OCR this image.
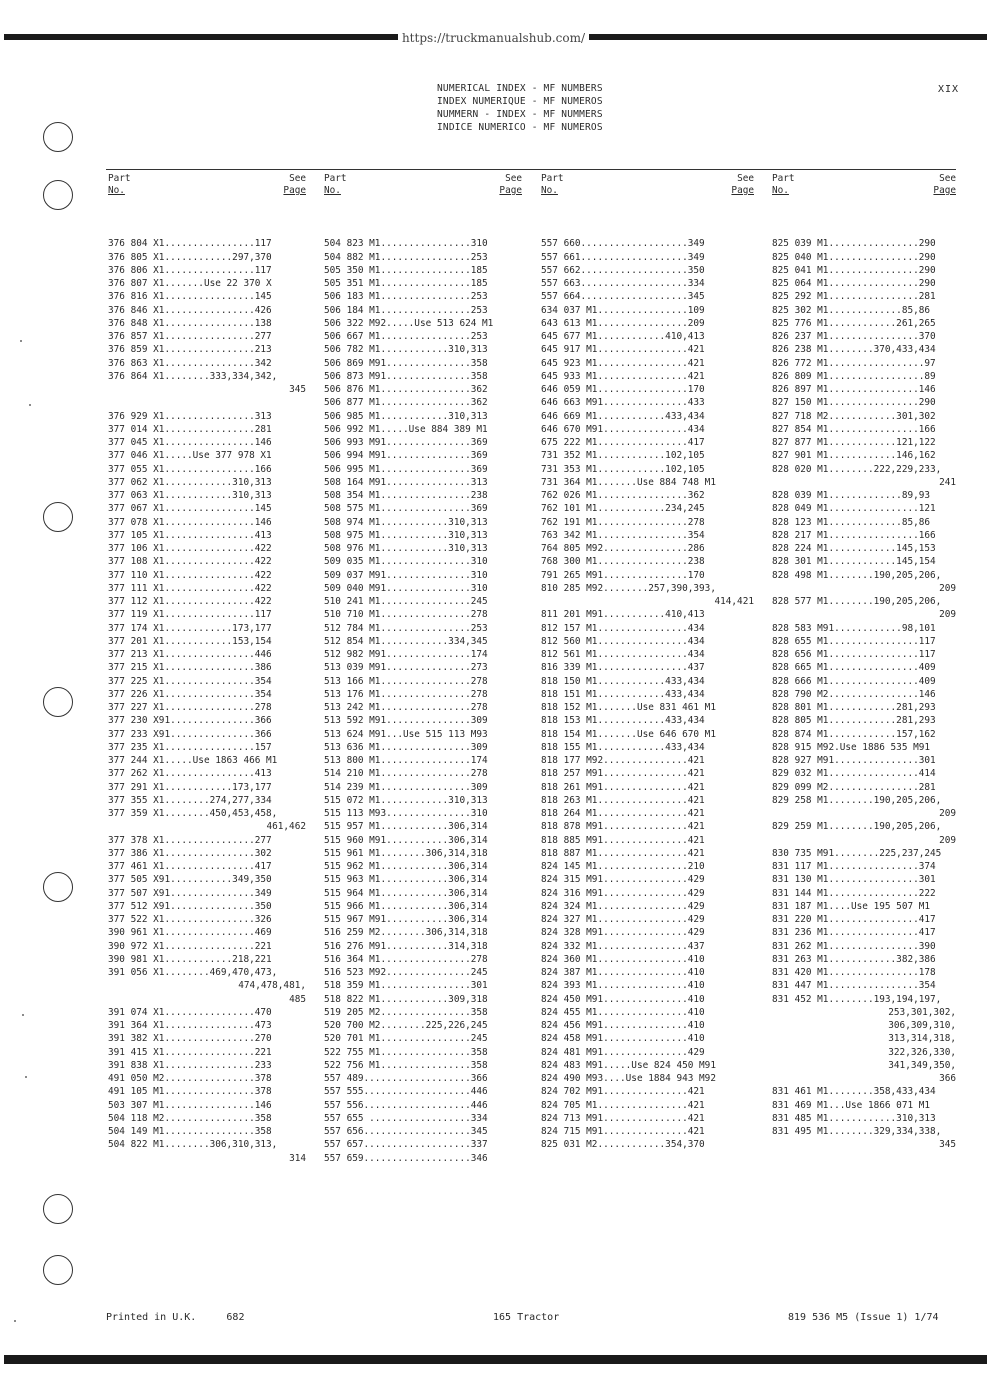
https://truckmanualshub.com/
NUMERICAL INDEX - MF NUMBERS
INDEX NUMERIQUE - MF NUMEROS
NUMMERN - INDEX - MF NUMMERS
INDICE NUMERICO - MF NUMEROS
XIX
Part
No.
See
Page
376 804 X1................117
376 805 X1............297,370
376 806 X1................117
376 807 X1.......Use 22 370 X
376 816 X1................145
376 846 X1................426
376 848 X1................138
376 857 X1................277
376 859 X1................213
376 863 X1................342
376 864 X1........333,334,342,
345
376 929 X1................313
377 014 X1................281
377 045 X1................146
377 046 X1.....Use 377 978 X1
377 055 X1................166
377 062 X1............310,313
377 063 X1............310,313
377 067 X1................145
377 078 X1................146
377 105 X1................413
377 106 X1................422
377 108 X1................422
377 110 X1................422
377 111 X1................422
377 112 X1................422
377 119 X1................117
377 174 X1............173,177
377 201 X1............153,154
377 213 X1................446
377 215 X1................386
377 225 X1................354
377 226 X1................354
377 227 X1................278
377 230 X91...............366
377 233 X91...............366
377 235 X1................157
377 244 X1.....Use 1863 466 M1
377 262 X1................413
377 291 X1............173,177
377 355 X1........274,277,334
377 359 X1........450,453,458,
461,462
377 378 X1................277
377 386 X1................302
377 461 X1................417
377 505 X91...........349,350
377 507 X91...............349
377 512 X91...............350
377 522 X1................326
390 961 X1................469
390 972 X1................221
390 981 X1............218,221
391 056 X1........469,470,473,
474,478,481,
485
391 074 X1................470
391 364 X1................473
391 382 X1................270
391 415 X1................221
391 838 X1................233
491 050 M2................378
491 105 M1................378
503 307 M1................146
504 118 M2................358
504 149 M1................358
504 822 M1........306,310,313,
314
Part
No.
See
Page
504 823 M1................310
504 882 M1................253
505 350 M1................185
505 351 M1................185
506 183 M1................253
506 184 M1................253
506 322 M92.....Use 513 624 M1
506 667 M1................253
506 782 M1............310,313
506 869 M91...............358
506 873 M91...............358
506 876 M1................362
506 877 M1................362
506 985 M1............310,313
506 992 M1.....Use 884 389 M1
506 993 M91...............369
506 994 M91...............369
506 995 M1................369
508 164 M91...............313
508 354 M1................238
508 575 M1................369
508 974 M1............310,313
508 975 M1............310,313
508 976 M1............310,313
509 035 M1................310
509 037 M91...............310
509 040 M91...............310
510 241 M1................245
510 710 M1................278
512 784 M1................253
512 854 M1............334,345
512 982 M91...............174
513 039 M91...............273
513 166 M1................278
513 176 M1................278
513 242 M1................278
513 592 M91...............309
513 624 M91...Use 515 113 M93
513 636 M1................309
513 800 M1................174
514 210 M1................278
514 239 M1................309
515 072 M1............310,313
515 113 M93...............310
515 957 M1............306,314
515 960 M91...........306,314
515 961 M1........306,314,318
515 962 M1............306,314
515 963 M1............306,314
515 964 M1............306,314
515 966 M1............306,314
515 967 M91...........306,314
516 259 M2........306,314,318
516 276 M91...........314,318
516 364 M1................278
516 523 M92...............245
518 359 M1................301
518 822 M1............309,318
519 205 M2................358
520 700 M2........225,226,245
520 701 M1................245
522 755 M1................358
522 756 M1................358
557 489...................366
557 555...................446
557 556...................446
557 655 ..................334
557 656...................345
557 657...................337
557 659...................346
Part
No.
See
Page
557 660...................349
557 661...................349
557 662...................350
557 663...................334
557 664...................345
634 037 M1................109
643 613 M1................209
645 677 M1............410,413
645 917 M1................421
645 923 M1................421
645 933 M1................421
646 059 M1................170
646 663 M91...............433
646 669 M1............433,434
646 670 M91...............434
675 222 M1................417
731 352 M1............102,105
731 353 M1............102,105
731 364 M1.......Use 884 748 M1
762 026 M1................362
762 101 M1............234,245
762 191 M1................278
763 342 M1................354
764 805 M92...............286
768 300 M1................238
791 265 M91...............170
810 285 M92........257,390,393,
414,421
811 201 M91...........410,413
812 157 M1................434
812 560 M1................434
812 561 M1................434
816 339 M1................437
818 150 M1............433,434
818 151 M1............433,434
818 152 M1.......Use 831 461 M1
818 153 M1............433,434
818 154 M1.......Use 646 670 M1
818 155 M1............433,434
818 177 M92...............421
818 257 M91...............421
818 261 M91...............421
818 263 M1................421
818 264 M1................421
818 878 M91...............421
818 885 M91...............421
818 887 M1................421
824 145 M1................210
824 315 M91...............429
824 316 M91...............429
824 324 M1................429
824 327 M1................429
824 328 M91...............429
824 332 M1................437
824 360 M1................410
824 387 M1................410
824 393 M1................410
824 450 M91...............410
824 455 M1................410
824 456 M91...............410
824 458 M91...............410
824 481 M91...............429
824 483 M91.....Use 824 450 M91
824 490 M93....Use 1884 943 M92
824 702 M91...............421
824 705 M1................421
824 713 M91...............421
824 715 M91...............421
825 031 M2............354,370
Part
No.
See
Page
825 039 M1................290
825 040 M1................290
825 041 M1................290
825 064 M1................290
825 292 M1................281
825 302 M1.............85,86
825 776 M1............261,265
826 237 M1................370
826 238 M1........370,433,434
826 772 M1.................97
826 809 M1.................89
826 897 M1................146
827 150 M1................290
827 718 M2............301,302
827 854 M1................166
827 877 M1............121,122
827 901 M1............146,162
828 020 M1........222,229,233,
241
828 039 M1.............89,93
828 049 M1................121
828 123 M1.............85,86
828 217 M1................166
828 224 M1............145,153
828 301 M1............145,154
828 498 M1........190,205,206,
209
828 577 M1........190,205,206,
209
828 583 M91............98,101
828 655 M1................117
828 656 M1................117
828 665 M1................409
828 666 M1................409
828 790 M2................146
828 801 M1............281,293
828 805 M1............281,293
828 874 M1............157,162
828 915 M92.Use 1886 535 M91
828 927 M91...............301
829 032 M1................414
829 099 M2................281
829 258 M1........190,205,206,
209
829 259 M1........190,205,206,
209
830 735 M91........225,237,245
831 117 M1................374
831 130 M1................301
831 144 M1................222
831 187 M1....Use 195 507 M1
831 220 M1................417
831 236 M1................417
831 262 M1................390
831 263 M1............382,386
831 420 M1................178
831 447 M1................354
831 452 M1........193,194,197,
253,301,302,
306,309,310,
313,314,318,
322,326,330,
341,349,350,
366
831 461 M1........358,433,434
831 469 M1...Use 1866 071 M1
831 485 M1............310,313
831 495 M1........329,334,338,
345
Printed in U.K.     682	165 Tractor	819 536 M5 (Issue 1) 1/74
